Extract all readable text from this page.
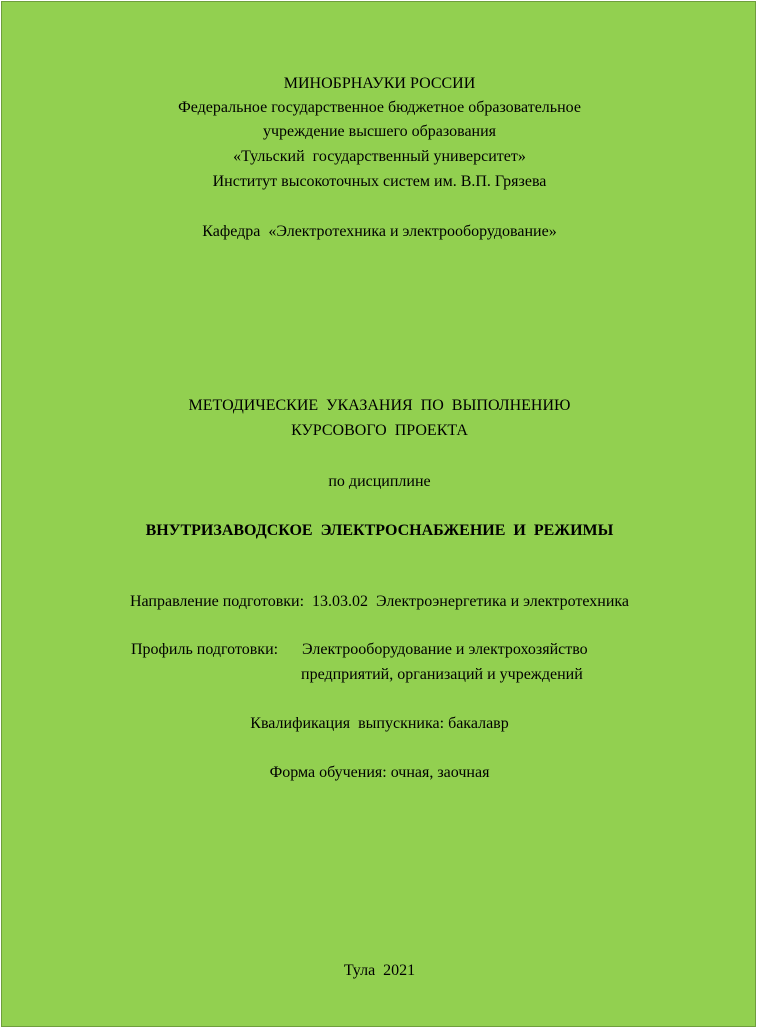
МИНОБРНАУКИ РОССИИ
Федеральное государственное бюджетное образовательное
учреждение высшего образования
«Тульский  государственный университет»
Институт высокоточных систем им. В.П. Грязева
Кафедра  «Электротехника и электрооборудование»
МЕТОДИЧЕСКИЕ  УКАЗАНИЯ  ПО  ВЫПОЛНЕНИЮ
КУРСОВОГО  ПРОЕКТА
по дисциплине
ВНУТРИЗАВОДСКОЕ  ЭЛЕКТРОСНАБЖЕНИЕ  И  РЕЖИМЫ
Направление подготовки:  13.03.02  Электроэнергетика и электротехника
Профиль подготовки: Электрооборудование и электрохозяйство
предприятий, организаций и учреждений
Квалификация  выпускника: бакалавр
Форма обучения: очная, заочная
Тула  2021
